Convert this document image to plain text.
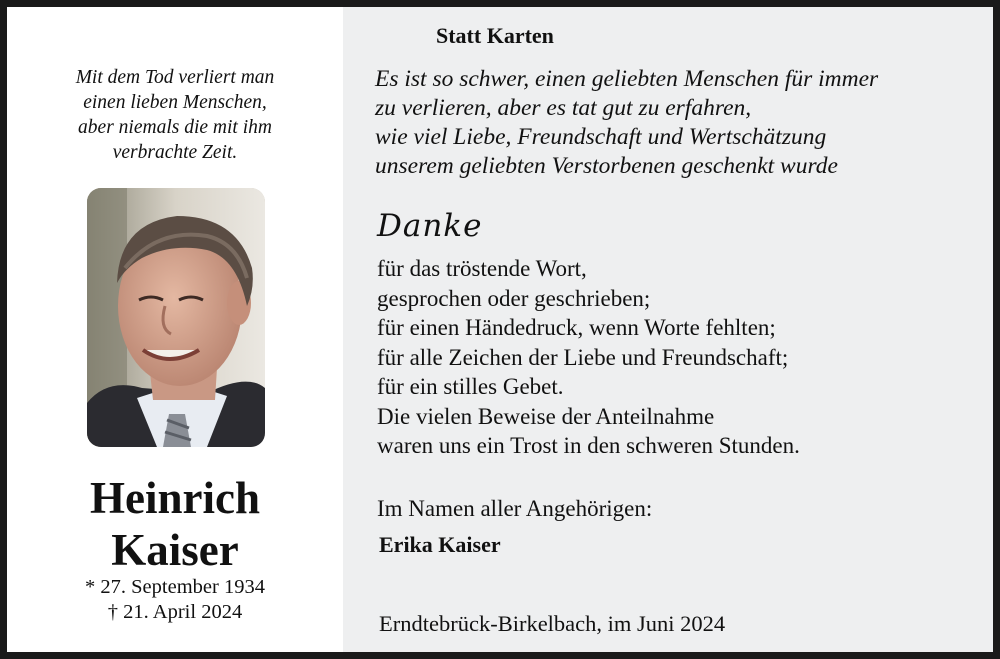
Mit dem Tod verliert man
einen lieben Menschen,
aber niemals die mit ihm
verbrachte Zeit.
Heinrich
Kaiser
* 27. September 1934
† 21. April 2024
Statt Karten
Es ist so schwer, einen geliebten Menschen für immer
zu verlieren, aber es tat gut zu erfahren,
wie viel Liebe, Freundschaft und Wertschätzung
unserem geliebten Verstorbenen geschenkt wurde
Danke
für das tröstende Wort,
gesprochen oder geschrieben;
für einen Händedruck, wenn Worte fehlten;
für alle Zeichen der Liebe und Freundschaft;
für ein stilles Gebet.
Die vielen Beweise der Anteilnahme
waren uns ein Trost in den schweren Stunden.
Im Namen aller Angehörigen:
Erika Kaiser
Erndtebrück-Birkelbach, im Juni 2024
